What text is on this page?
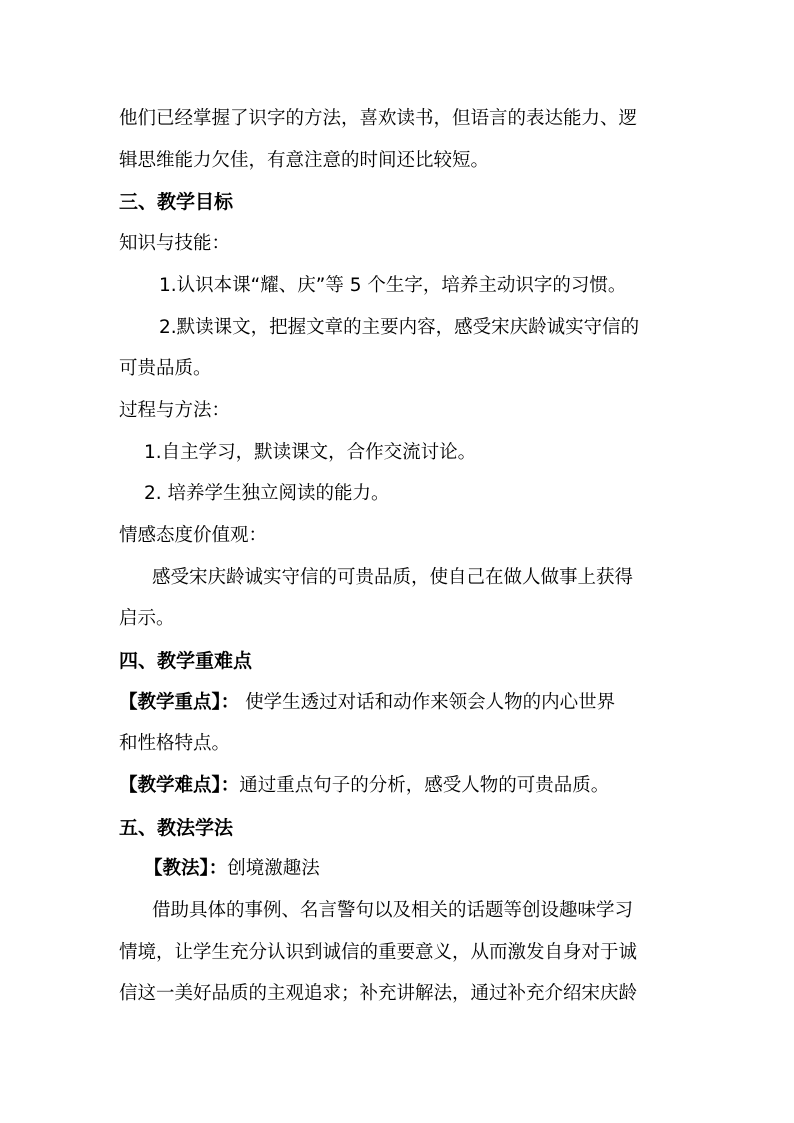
他们已经掌握了识字的方法，喜欢读书，但语言的表达能力、逻
辑思维能力欠佳，有意注意的时间还比较短。
三、教学目标
知识与技能：
1.认识本课“耀、庆”等 5 个生字，培养主动识字的习惯。
2.默读课文，把握文章的主要内容，感受宋庆龄诚实守信的
可贵品质。
过程与方法：
1.自主学习，默读课文，合作交流讨论。
2. 培养学生独立阅读的能力。
情感态度价值观：
感受宋庆龄诚实守信的可贵品质，使自己在做人做事上获得
启示。
四、教学重难点
【教学重点】： 使学生透过对话和动作来领会人物的内心世界
和性格特点。
【教学难点】：通过重点句子的分析，感受人物的可贵品质。
五、教法学法
【教法】：创境激趣法
借助具体的事例、名言警句以及相关的话题等创设趣味学习
情境，让学生充分认识到诚信的重要意义，从而激发自身对于诚
信这一美好品质的主观追求；补充讲解法，通过补充介绍宋庆龄
